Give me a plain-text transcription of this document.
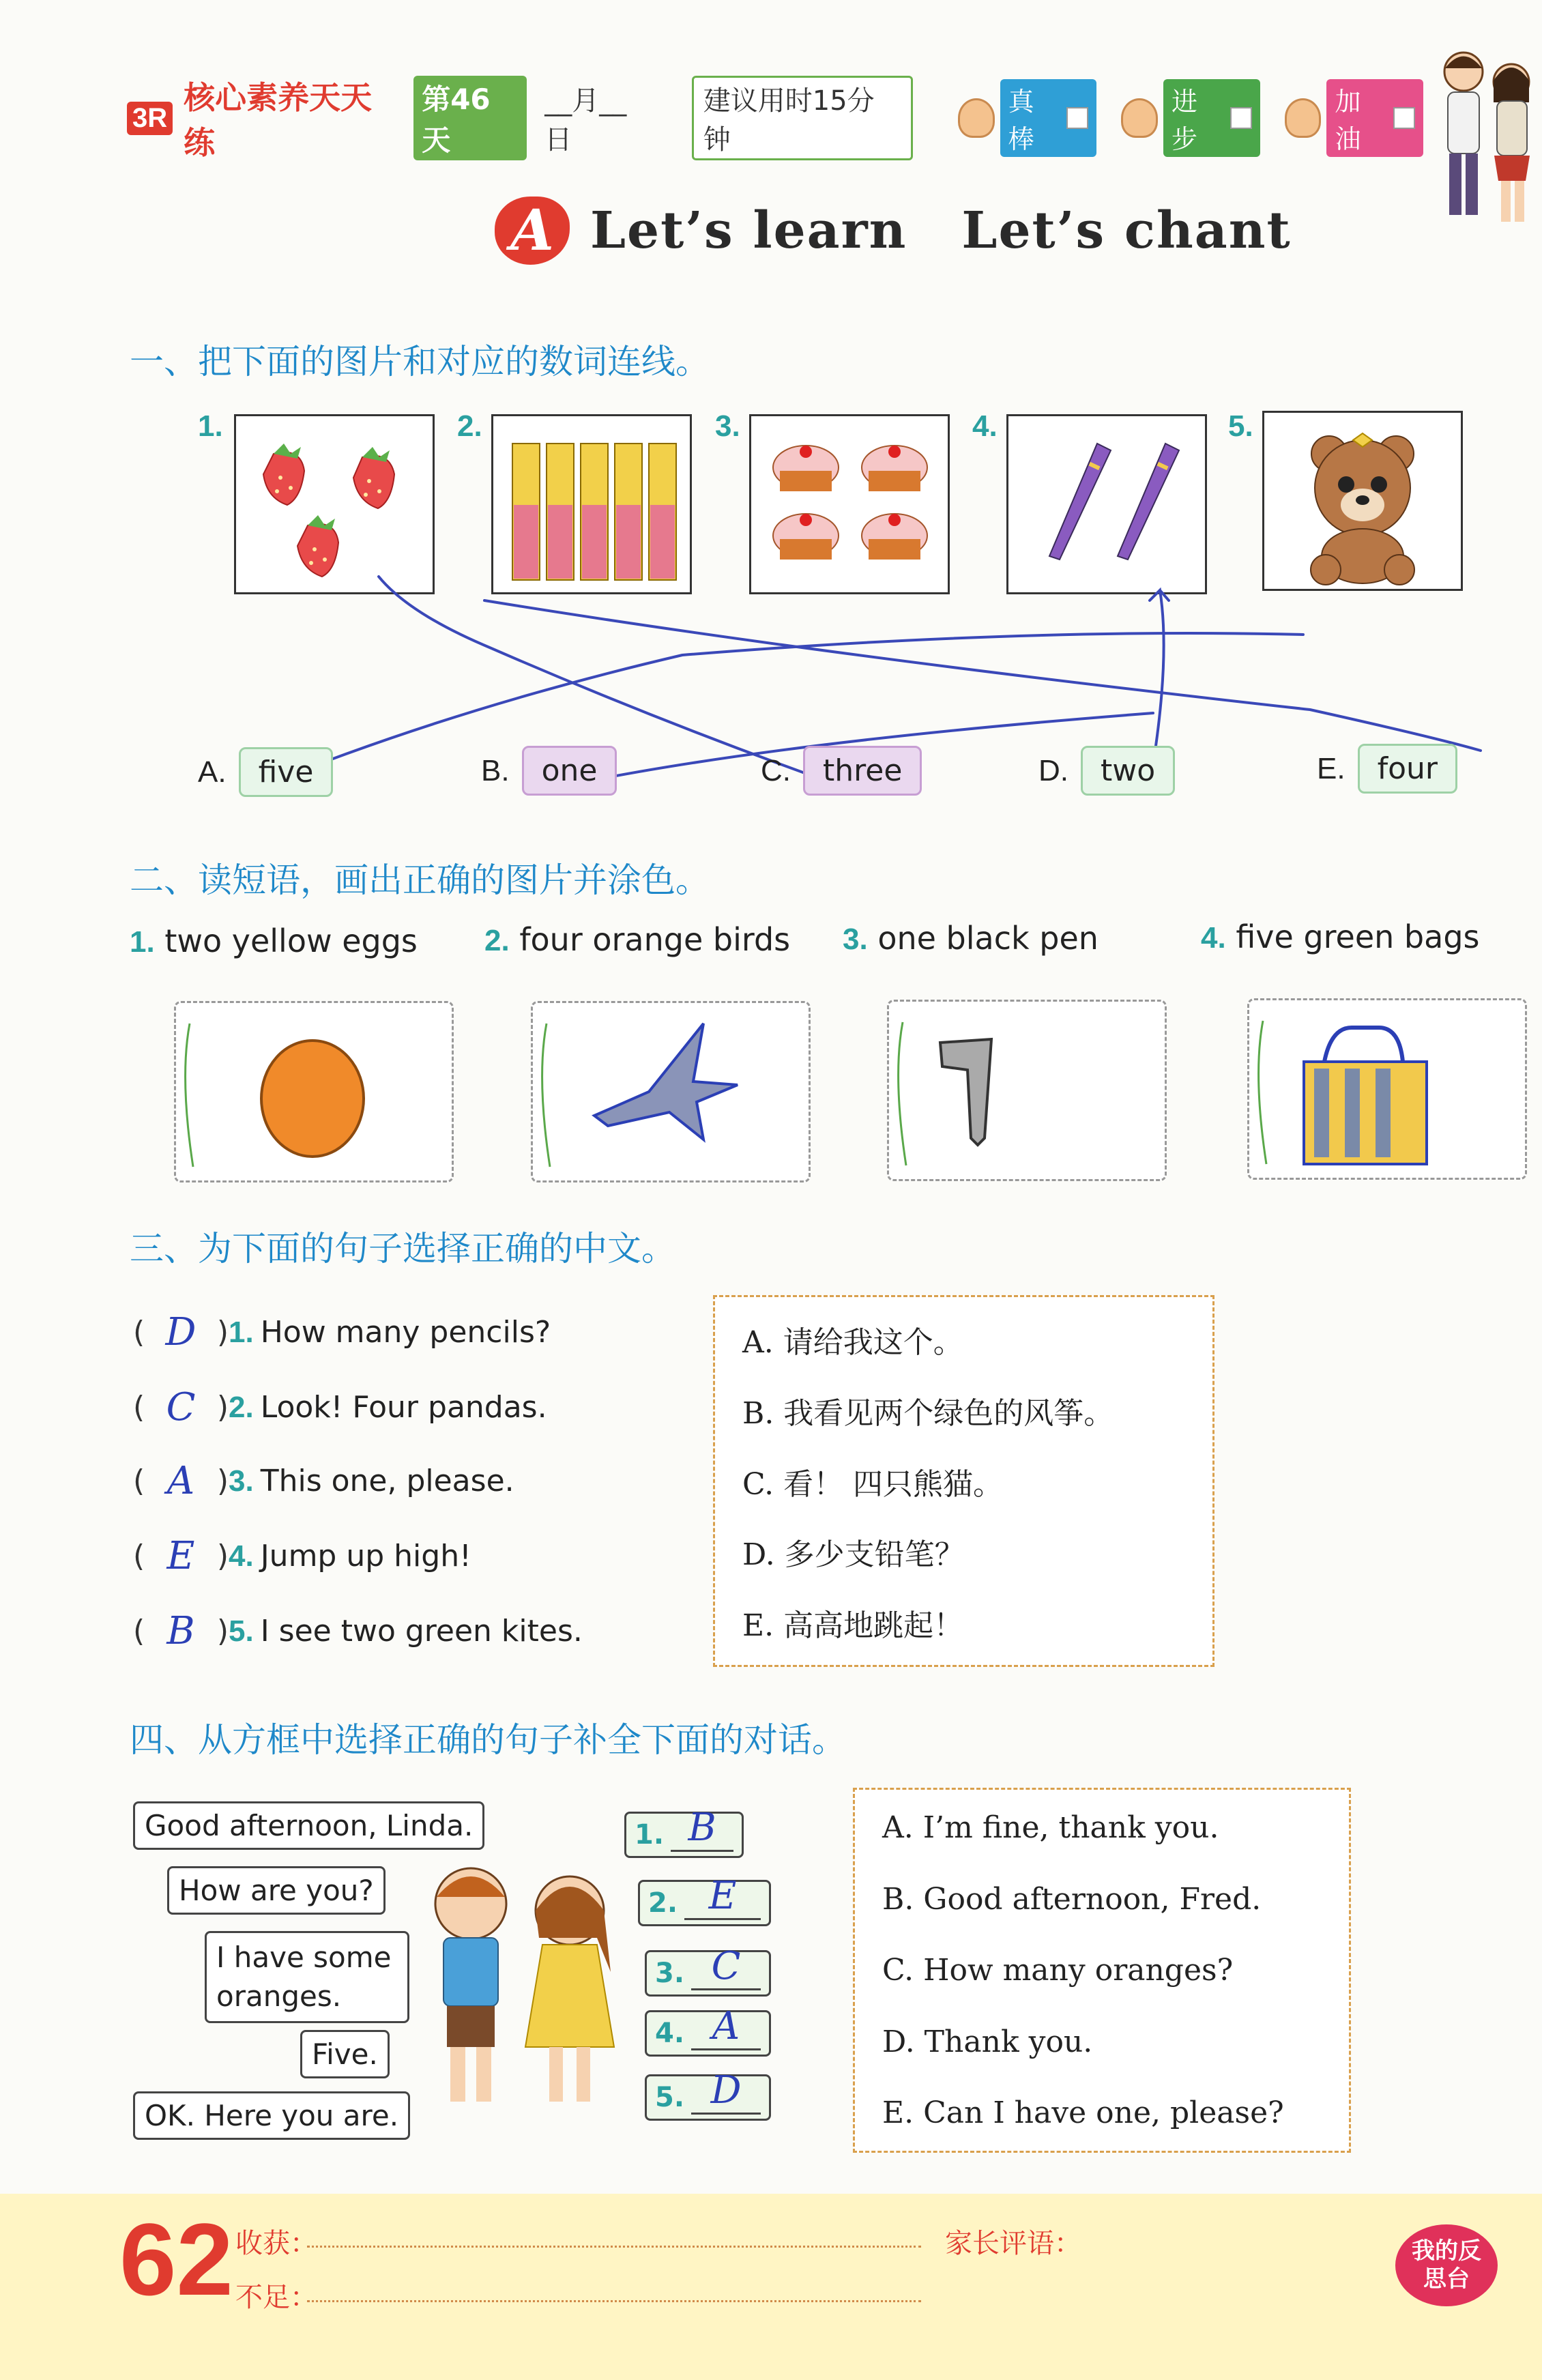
3R
核心素养天天练
第46天
__月__日
建议用时15分钟
真棒
进步
加油
A Let’s learn Let’s chant
一、把下面的图片和对应的数词连线。
1.	2.	3.	4.	5.
A.	five	B.	one	C.	three	D.	two	E.	four
二、读短语，画出正确的图片并涂色。
1. two yellow eggs 2. four orange birds 3. one black pen	4. five green bags
三、为下面的句子选择正确的中文。
( D ) 1. How many pencils?
( C ) 2. Look! Four pandas.
( A ) 3. This one, please.
( E ) 4. Jump up high!
( B ) 5. I see two green kites.
A. 请给我这个。
B. 我看见两个绿色的风筝。
C. 看！ 四只熊猫。
D. 多少支铅笔？
E. 高高地跳起！
四、从方框中选择正确的句子补全下面的对话。
Good afternoon, Linda.
How are you?
I have some oranges.
Five.
OK. Here you are.
1. B
2. E
3. C
4. A
5. D
A. I’m fine, thank you.
B. Good afternoon, Fred.
C. How many oranges?
D. Thank you.
E. Can I have one, please?
62 收获：
不足：
家长评语：	我的反思台
